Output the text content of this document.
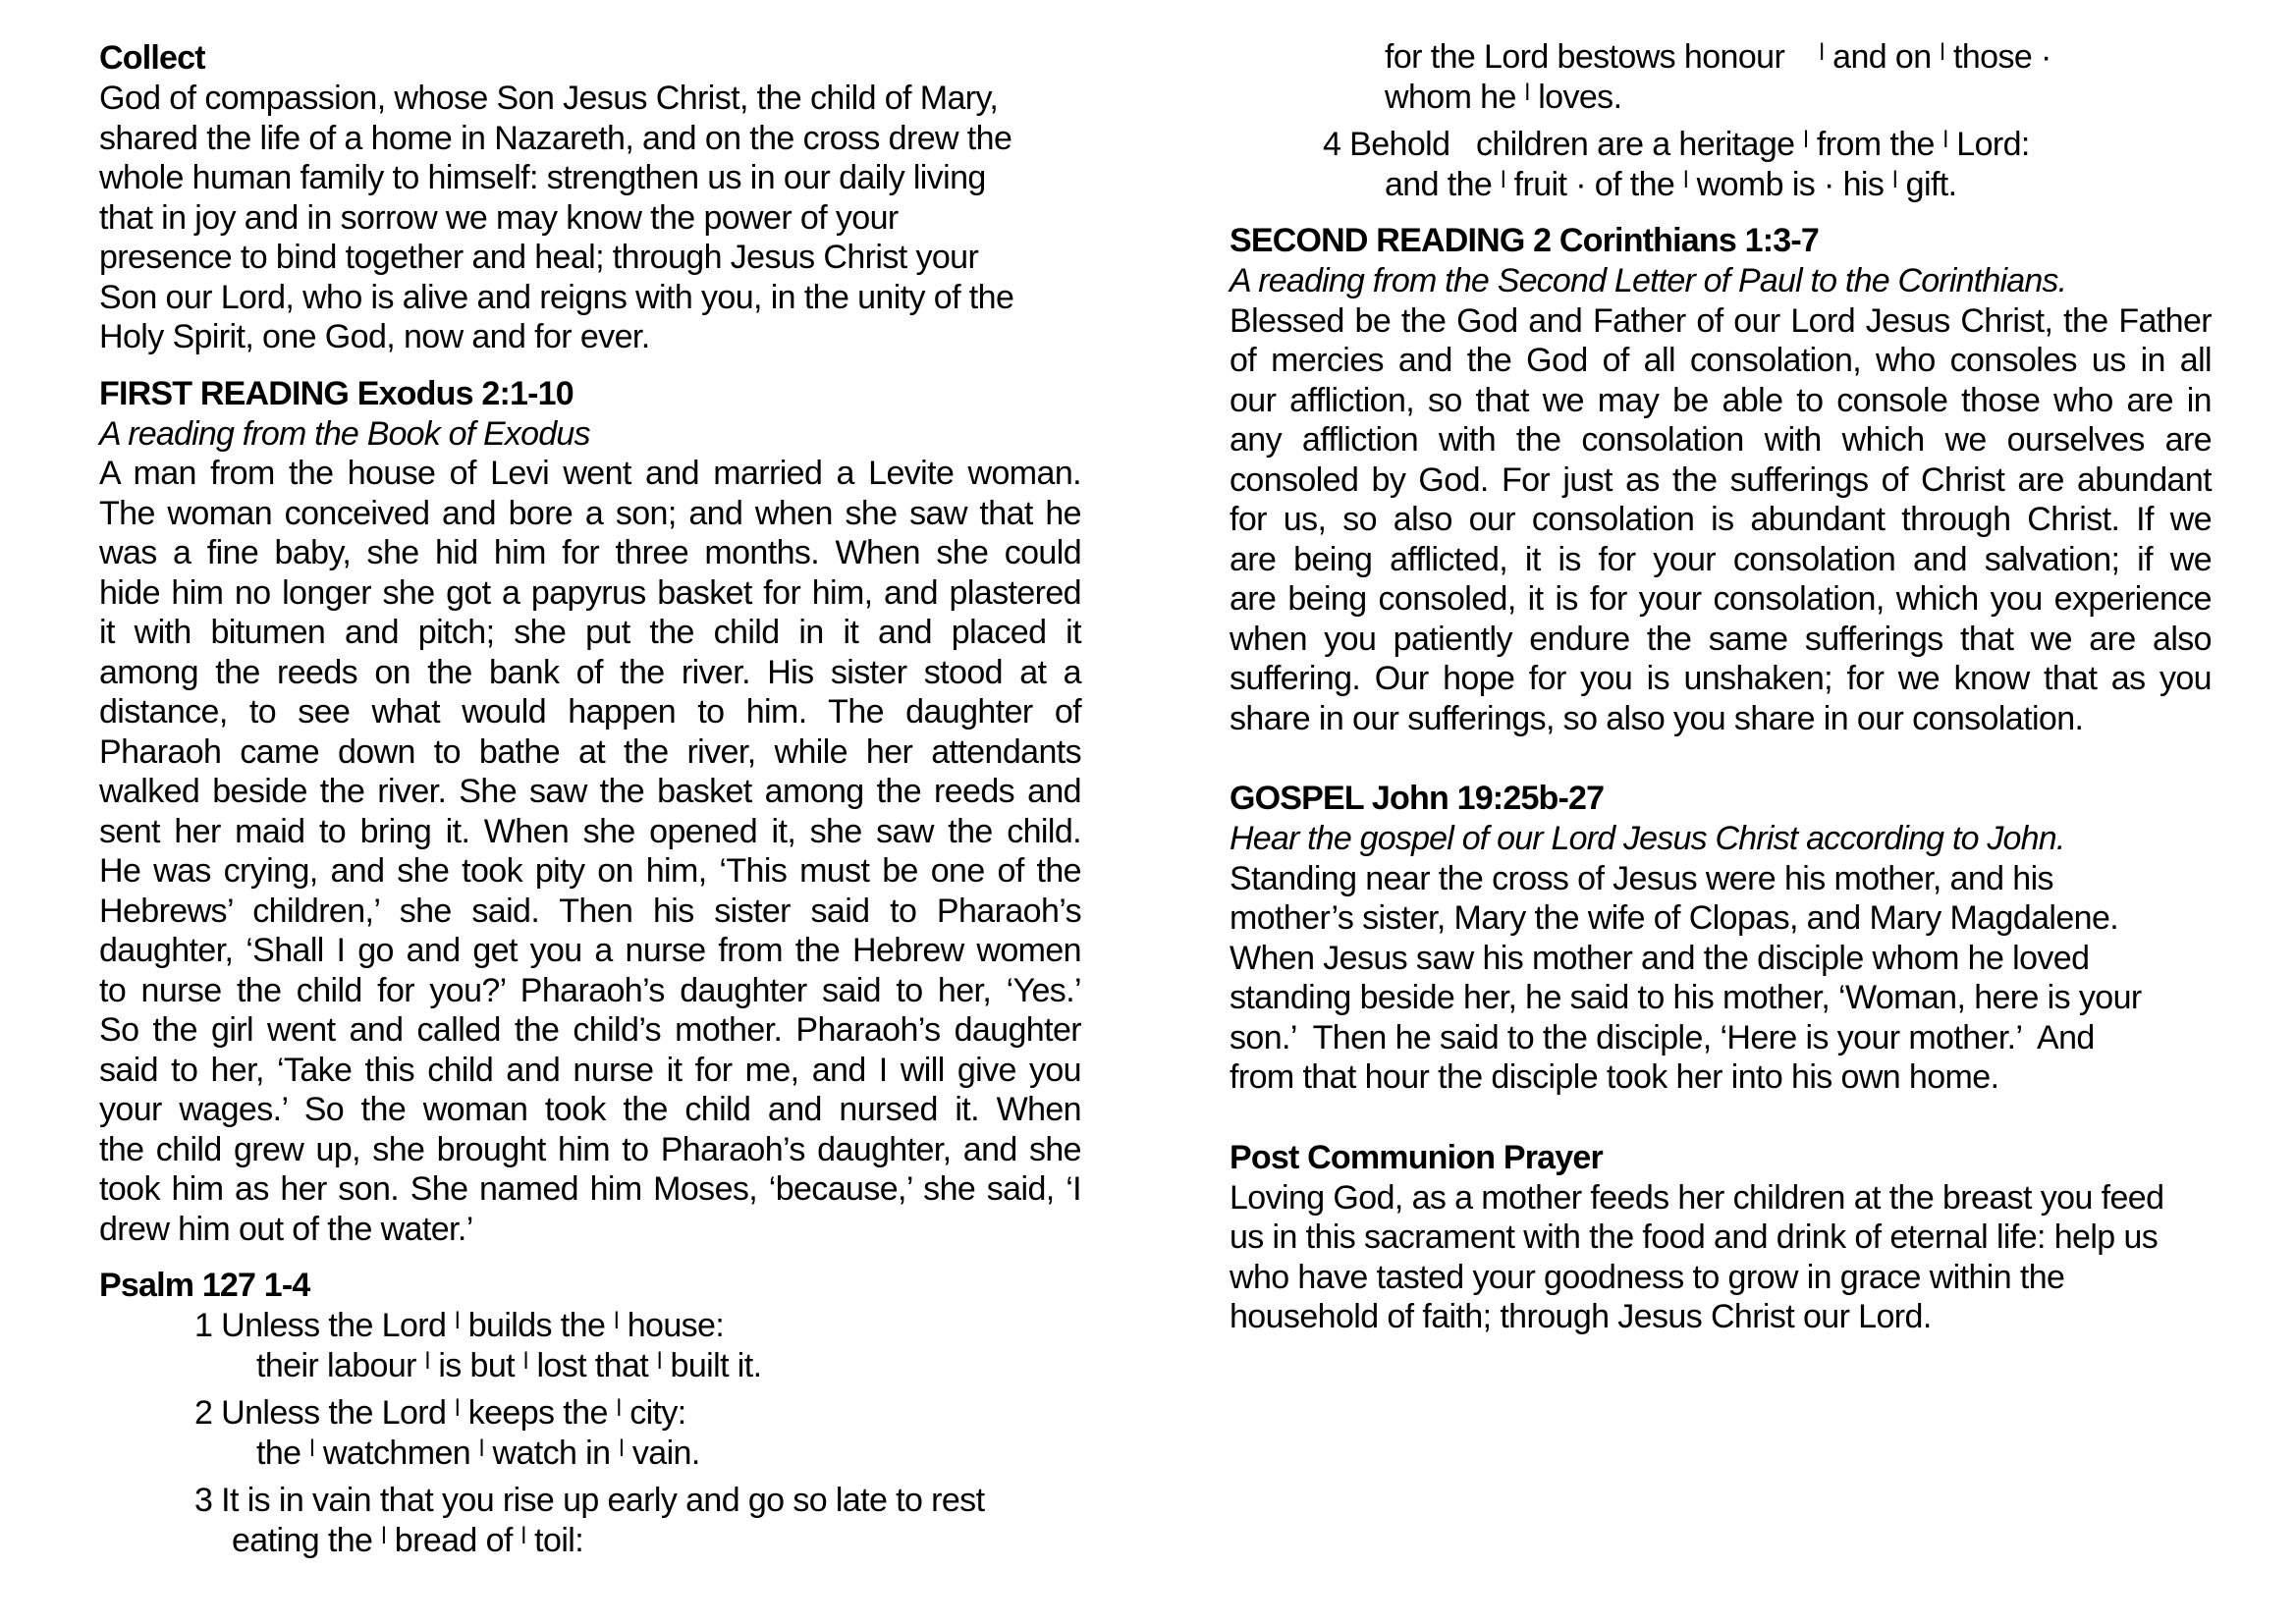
Collect
God of compassion, whose Son Jesus Christ, the child of Mary,
shared the life of a home in Nazareth, and on the cross drew the
whole human family to himself: strengthen us in our daily living
that in joy and in sorrow we may know the power of your
presence to bind together and heal; through Jesus Christ your
Son our Lord, who is alive and reigns with you, in the unity of the
Holy Spirit, one God, now and for ever.
FIRST READING Exodus 2:1-10
A reading from the Book of Exodus
A man from the house of Levi went and married a Levite woman.
The woman conceived and bore a son; and when she saw that he
was a fine baby, she hid him for three months. When she could
hide him no longer she got a papyrus basket for him, and plastered
it with bitumen and pitch; she put the child in it and placed it
among the reeds on the bank of the river. His sister stood at a
distance, to see what would happen to him. The daughter of
Pharaoh came down to bathe at the river, while her attendants
walked beside the river. She saw the basket among the reeds and
sent her maid to bring it. When she opened it, she saw the child.
He was crying, and she took pity on him, ‘This must be one of the
Hebrews’ children,’ she said. Then his sister said to Pharaoh’s
daughter, ‘Shall I go and get you a nurse from the Hebrew women
to nurse the child for you?’ Pharaoh’s daughter said to her, ‘Yes.’
So the girl went and called the child’s mother. Pharaoh’s daughter
said to her, ‘Take this child and nurse it for me, and I will give you
your wages.’ So the woman took the child and nursed it. When
the child grew up, she brought him to Pharaoh’s daughter, and she
took him as her son. She named him Moses, ‘because,’ she said, ‘I
drew him out of the water.’
Psalm 127 1-4
1 Unless the Lord ˡ builds the ˡ house:
their labour ˡ is but ˡ lost that ˡ built it.
2 Unless the Lord ˡ keeps the ˡ city:
the ˡ watchmen ˡ watch in ˡ vain.
3 It is in vain that you rise up early and go so late to rest
eating the ˡ bread of ˡ toil:
for the Lord bestows honour    ˡ and on ˡ those ·
whom he ˡ loves.
4 Behold   children are a heritage ˡ from the ˡ Lord:
and the ˡ fruit · of the ˡ womb is · his ˡ gift.
SECOND READING 2 Corinthians 1:3-7
A reading from the Second Letter of Paul to the Corinthians.
Blessed be the God and Father of our Lord Jesus Christ, the Father
of mercies and the God of all consolation, who consoles us in all
our affliction, so that we may be able to console those who are in
any affliction with the consolation with which we ourselves are
consoled by God. For just as the sufferings of Christ are abundant
for us, so also our consolation is abundant through Christ. If we
are being afflicted, it is for your consolation and salvation; if we
are being consoled, it is for your consolation, which you experience
when you patiently endure the same sufferings that we are also
suffering. Our hope for you is unshaken; for we know that as you
share in our sufferings, so also you share in our consolation.
GOSPEL John 19:25b-27
Hear the gospel of our Lord Jesus Christ according to John.
Standing near the cross of Jesus were his mother, and his
mother’s sister, Mary the wife of Clopas, and Mary Magdalene.
When Jesus saw his mother and the disciple whom he loved
standing beside her, he said to his mother, ‘Woman, here is your
son.’  Then he said to the disciple, ‘Here is your mother.’  And
from that hour the disciple took her into his own home.
Post Communion Prayer
Loving God, as a mother feeds her children at the breast you feed
us in this sacrament with the food and drink of eternal life: help us
who have tasted your goodness to grow in grace within the
household of faith; through Jesus Christ our Lord.
